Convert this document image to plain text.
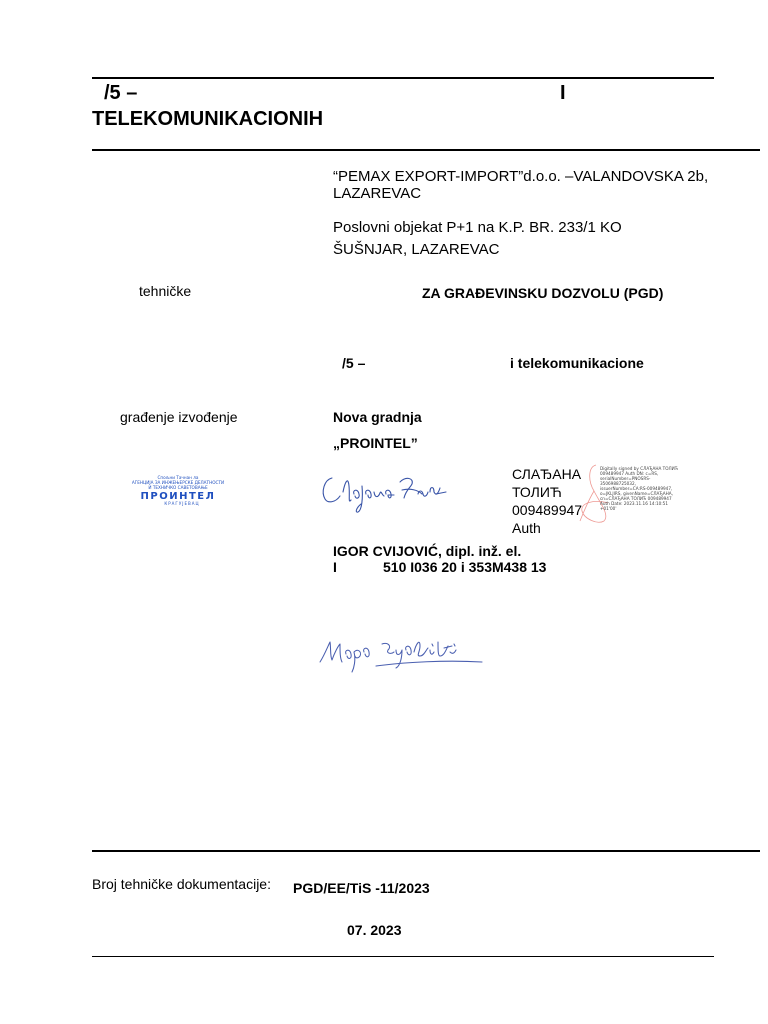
/5 –	I
TELEKOMUNIKACIONIH
“PEMAX EXPORT-IMPORT”d.o.o. –VALANDOVSKA 2b,
LAZAREVAC
Poslovni objekat P+1 na K.P. BR. 233/1 KO
ŠUŠNJAR, LAZAREVAC
tehničke	ZA GRAĐEVINSKU DOZVOLU (PGD)
/5 –	i telekomunikacione
građenje izvođenje	Nova gradnja
„PROINTEL”
Спољни Тачнан ла
АГЕНЦИЈА ЗА ИНЖЕЊЕРСКЕ ДЕЛАТНОСТИ
И ТЕХНИЧКО САВЕТОВАЊЕ
ПРОИНТЕЛ
КРАГУЈЕВАЦ
СЛАЂАНА
ТОЛИЋ
009489947
Auth
Digitally signed by СЛАЂАНА ТОЛИЋ 009489947 Auth DN: c=RS, serialNumber=PNOSRS-3506988725032, issuerNumber=CA:RS-009489947, o=JKLJIRS, givenName=СЛАЂАНА, cn=СЛАЂАНА ТОЛИЋ 009489947 Auth Date: 2023.11.16 14:10:51 +01'00'
IGOR CVIJOVIĆ, dipl. inž. el.
I	510 I036 20 i 353M438 13
Broj tehničke dokumentacije: PGD/EE/TiS -11/2023
07. 2023
